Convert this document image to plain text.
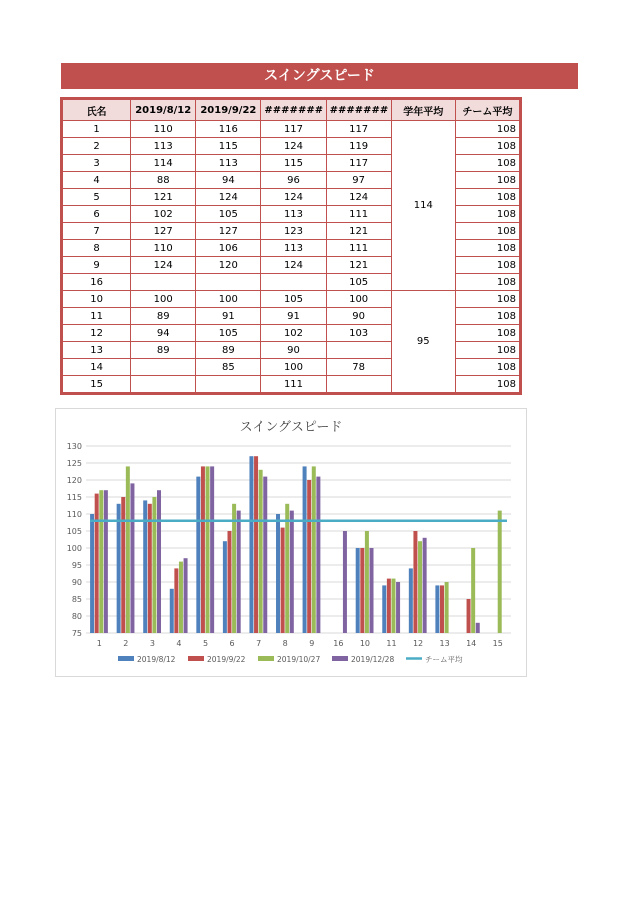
スイングスピード
氏名	2019/8/12	2019/9/22	#######	#######	学年平均	チーム平均
1	110	116	117	117	114	108
2	113	115	124	119		108
3	114	113	115	117		108
4	88	94	96	97		108
5	121	124	124	124		108
6	102	105	113	111		108
7	127	127	123	121		108
8	110	106	113	111		108
9	124	120	124	121		108
16				105		108
10	100	100	105	100	95	108
11	89	91	91	90		108
12	94	105	102	103		108
13	89	89	90			108
14		85	100	78		108
15			111			108
スイングスピード
75
80
85
90
95
100
105
110
115
120
125
130
1	2	3	4	5	6	7	8	9 16 10 11 12 13 14 15
2019/8/12	2019/9/22	2019/10/27	2019/12/28	チーム平均
